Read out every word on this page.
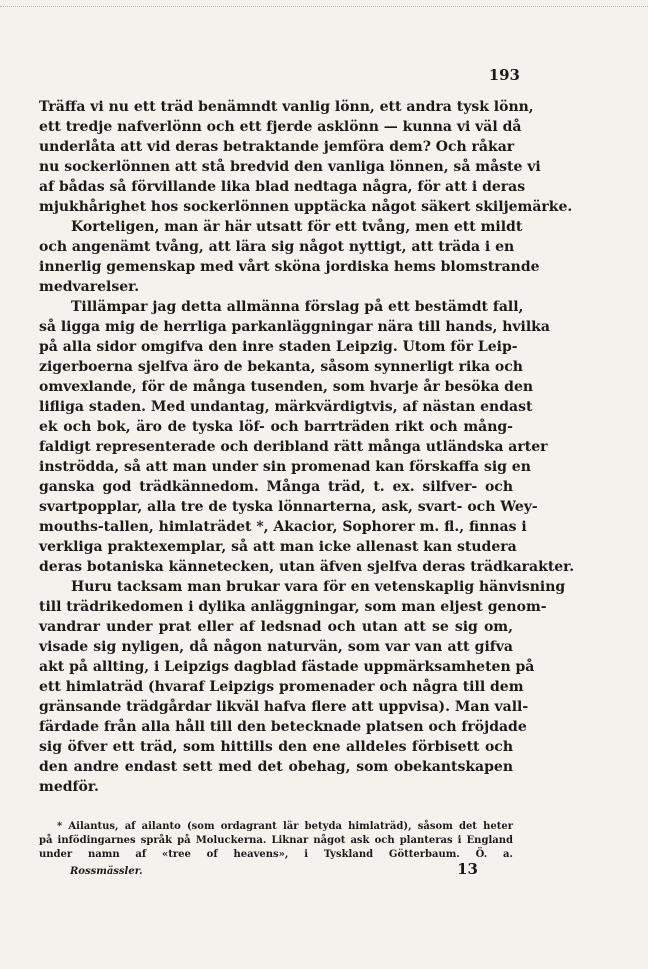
193
Träffa vi nu ett träd benämndt vanlig lönn, ett andra tysk lönn,
ett tredje nafverlönn och ett fjerde asklönn — kunna vi väl då
underlåta att vid deras betraktande jemföra dem? Och råkar
nu sockerlönnen att stå bredvid den vanliga lönnen, så måste vi
af bådas så förvillande lika blad nedtaga några, för att i deras
mjukhårighet hos sockerlönnen upptäcka något säkert skiljemärke.
Korteligen, man är här utsatt för ett tvång, men ett mildt
och angenämt tvång, att lära sig något nyttigt, att träda i en
innerlig gemenskap med vårt sköna jordiska hems blomstrande
medvarelser.
Tillämpar jag detta allmänna förslag på ett bestämdt fall,
så ligga mig de herrliga parkanläggningar nära till hands, hvilka
på alla sidor omgifva den inre staden Leipzig. Utom för Leip-
zigerboerna sjelfva äro de bekanta, såsom synnerligt rika och
omvexlande, för de många tusenden, som hvarje år besöka den
lifliga staden. Med undantag, märkvärdigtvis, af nästan endast
ek och bok, äro de tyska löf- och barrträden rikt och mång-
faldigt representerade och deribland rätt många utländska arter
inströdda, så att man under sin promenad kan förskaffa sig en
ganska god trädkännedom. Många träd, t. ex. silfver- och
svartpopplar, alla tre de tyska lönnarterna, ask, svart- och Wey-
mouths-tallen, himlaträdet *, Akacior, Sophorer m. fl., finnas i
verkliga praktexemplar, så att man icke allenast kan studera
deras botaniska kännetecken, utan äfven sjelfva deras trädkarakter.
Huru tacksam man brukar vara för en vetenskaplig hänvisning
till trädrikedomen i dylika anläggningar, som man eljest genom-
vandrar under prat eller af ledsnad och utan att se sig om,
visade sig nyligen, då någon naturvän, som var van att gifva
akt på allting, i Leipzigs dagblad fästade uppmärksamheten på
ett himlaträd (hvaraf Leipzigs promenader och några till dem
gränsande trädgårdar likväl hafva flere att uppvisa). Man vall-
färdade från alla håll till den betecknade platsen och fröjdade
sig öfver ett träd, som hittills den ene alldeles förbisett och
den andre endast sett med det obehag, som obekantskapen
medför.
* Ailantus, af ailanto (som ordagrant lär betyda himlaträd), såsom det heter
på infödingarnes språk på Moluckerna. Liknar något ask och planteras i England
under namn af «tree of heavens», i Tyskland Götterbaum. Ö. a.
Rossmässler.	13
